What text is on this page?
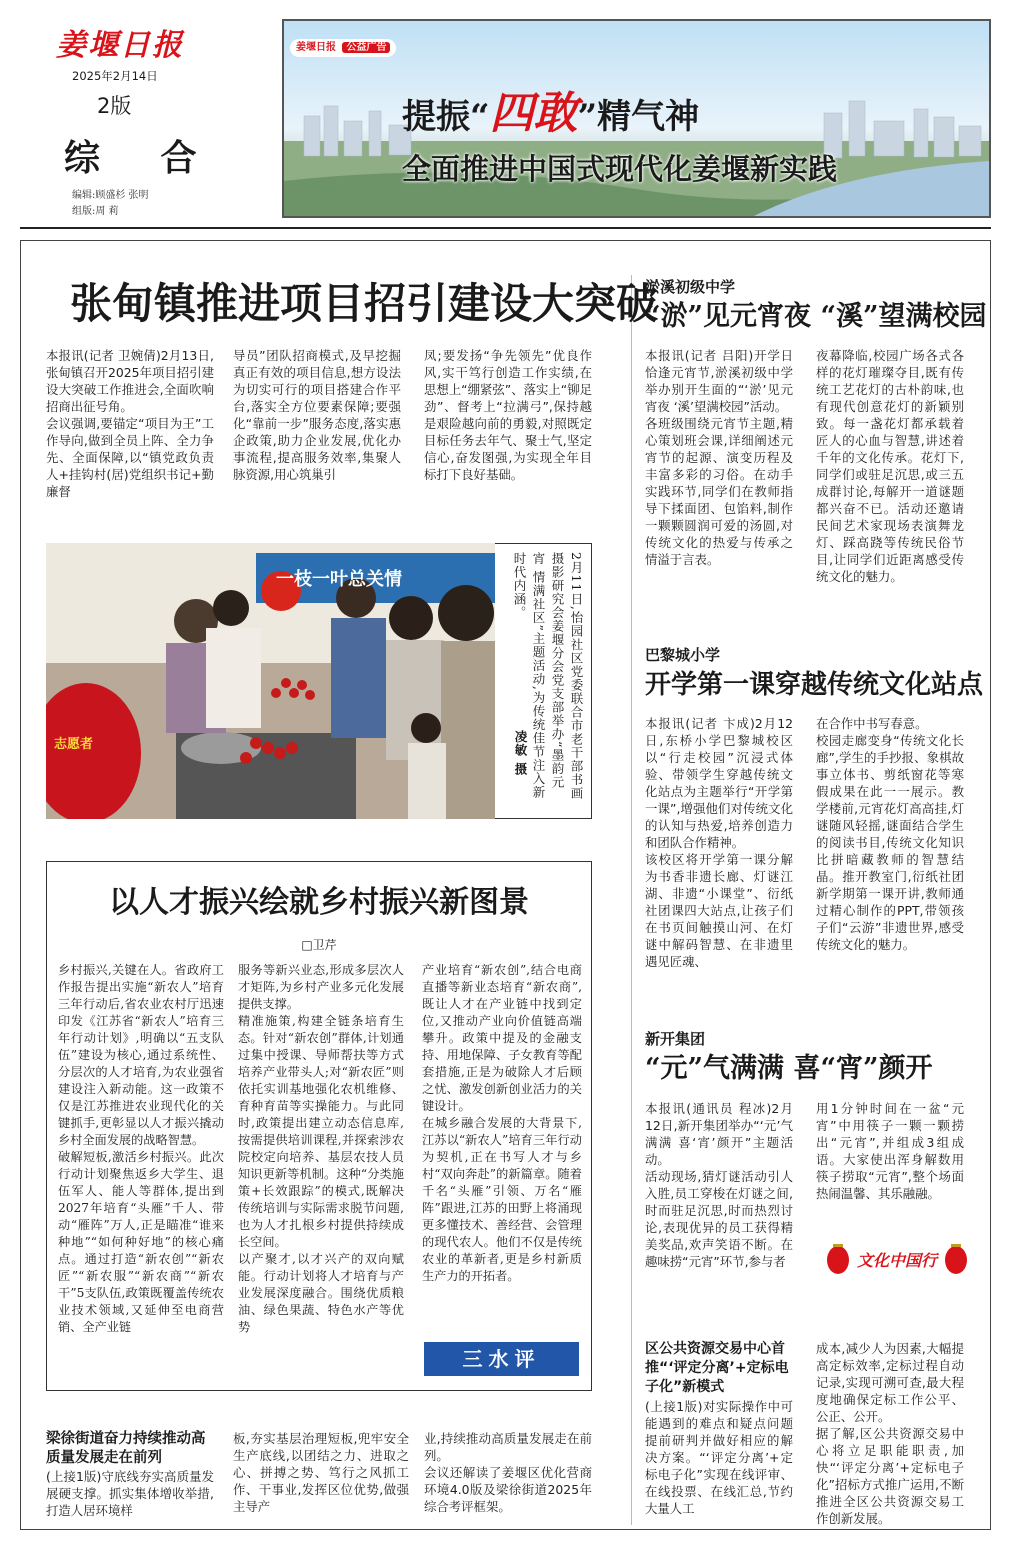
姜堰日报
2025年2月14日
2版
综 合
编辑:顾盛杉 张明
组版:周 莉
姜堰日报 公益广告
提振“四敢”精气神
全面推进中国式现代化姜堰新实践
张甸镇推进项目招引建设大突破
本报讯(记者 卫婉倩)2月13日,张甸镇召开2025年项目招引建设大突破工作推进会,全面吹响招商出征号角。
会议强调,要锚定“项目为王”工作导向,做到全员上阵、全力争先、全面保障,以“镇党政负责人+挂钩村(居)党组织书记+勤廉督
导员”团队招商模式,及早挖掘真正有效的项目信息,想方设法为切实可行的项目搭建合作平台,落实全方位要素保障;要强化“靠前一步”服务态度,落实惠企政策,助力企业发展,优化办事流程,提高服务效率,集聚人脉资源,用心筑巢引
凤;要发扬“争先领先”优良作风,实干笃行创造工作实绩,在思想上“绷紧弦”、落实上“铆足劲”、督考上“拉满弓”,保持越是艰险越向前的勇毅,对照既定目标任务去年气、聚士气,坚定信心,奋发图强,为实现全年目标打下良好基础。
一枝一叶总关情
志愿者	2月11日,怡园社区党委联合市老干部书画摄影研究会姜堰分会党支部举办“墨韵元宵 情满社区”主题活动,为传统佳节注入新时代内涵。
凌敏 摄
以人才振兴绘就乡村振兴新图景
□卫芹
乡村振兴,关键在人。省政府工作报告提出实施“新农人”培育三年行动后,省农业农村厅迅速印发《江苏省“新农人”培育三年行动计划》,明确以“五支队伍”建设为核心,通过系统性、分层次的人才培育,为农业强省建设注入新动能。这一政策不仅是江苏推进农业现代化的关键抓手,更彰显以人才振兴撬动乡村全面发展的战略智慧。
破解短板,激活乡村振兴。此次行动计划聚焦返乡大学生、退伍军人、能人等群体,提出到2027年培育“头雁”千人、带动“雁阵”万人,正是瞄准“谁来种地”“如何种好地”的核心痛点。通过打造“新农创”“新农匠”“新农服”“新农商”“新农干”5支队伍,政策既覆盖传统农业技术领域,又延伸至电商营销、全产业链
服务等新兴业态,形成多层次人才矩阵,为乡村产业多元化发展提供支撑。
精准施策,构建全链条培育生态。针对“新农创”群体,计划通过集中授课、导师帮扶等方式培养产业带头人;对“新农匠”则依托实训基地强化农机维修、育种育苗等实操能力。与此同时,政策提出建立动态信息库,按需提供培训课程,并探索涉农院校定向培养、基层农技人员知识更新等机制。这种“分类施策+长效跟踪”的模式,既解决传统培训与实际需求脱节问题,也为人才扎根乡村提供持续成长空间。
以产聚才,以才兴产的双向赋能。行动计划将人才培育与产业发展深度融合。围绕优质粮油、绿色果蔬、特色水产等优势
产业培育“新农创”,结合电商直播等新业态培育“新农商”,既让人才在产业链中找到定位,又推动产业向价值链高端攀升。政策中提及的金融支持、用地保障、子女教育等配套措施,正是为破除人才后顾之忧、激发创新创业活力的关键设计。
在城乡融合发展的大背景下,江苏以“新农人”培育三年行动为契机,正在书写人才与乡村“双向奔赴”的新篇章。随着千名“头雁”引领、万名“雁阵”跟进,江苏的田野上将涌现更多懂技术、善经营、会管理的现代农人。他们不仅是传统农业的革新者,更是乡村新质生产力的开拓者。
三水评
梁徐街道奋力持续推动高质量发展走在前列
(上接1版)守底线夯实高质量发展硬支撑。抓实集体增收举措,打造人居环境样
板,夯实基层治理短板,兜牢安全生产底线,以团结之力、进取之心、拼搏之势、笃行之风抓工作、干事业,发挥区位优势,做强主导产
业,持续推动高质量发展走在前列。
会议还解读了姜堰区优化营商环境4.0版及梁徐街道2025年综合考评框架。
淤溪初级中学
“淤”见元宵夜 “溪”望满校园
本报讯(记者 吕阳)开学日恰逢元宵节,淤溪初级中学举办别开生面的“‘淤’见元宵夜 ‘溪’望满校园”活动。
各班级围绕元宵节主题,精心策划班会课,详细阐述元宵节的起源、演变历程及丰富多彩的习俗。在动手实践环节,同学们在教师指导下揉面团、包馅料,制作一颗颗圆润可爱的汤圆,对传统文化的热爱与传承之情溢于言表。
夜幕降临,校园广场各式各样的花灯璀璨夺目,既有传统工艺花灯的古朴韵味,也有现代创意花灯的新颖别致。每一盏花灯都承载着匠人的心血与智慧,讲述着千年的文化传承。花灯下,同学们或驻足沉思,或三五成群讨论,每解开一道谜题都兴奋不已。活动还邀请民间艺术家现场表演舞龙灯、踩高跷等传统民俗节目,让同学们近距离感受传统文化的魅力。
巴黎城小学
开学第一课穿越传统文化站点
本报讯(记者 卞成)2月12日,东桥小学巴黎城校区以“行走校园”沉浸式体验、带领学生穿越传统文化站点为主题举行“开学第一课”,增强他们对传统文化的认知与热爱,培养创造力和团队合作精神。
该校区将开学第一课分解为书香非遗长廊、灯谜江湖、非遗“小课堂”、衍纸社团课四大站点,让孩子们在书页间触摸山河、在灯谜中解码智慧、在非遗里遇见匠魂、
在合作中书写春意。
校园走廊变身“传统文化长廊”,学生的手抄报、象棋故事立体书、剪纸窗花等寒假成果在此一一展示。教学楼前,元宵花灯高高挂,灯谜随风轻摇,谜面结合学生的阅读书目,传统文化知识比拼暗藏教师的智慧结晶。推开教室门,衍纸社团新学期第一课开讲,教师通过精心制作的PPT,带领孩子们“云游”非遗世界,感受传统文化的魅力。
新开集团
“元”气满满 喜“宵”颜开
本报讯(通讯员 程冰)2月12日,新开集团举办“‘元’气满满 喜‘宵’颜开”主题活动。
活动现场,猜灯谜活动引人入胜,员工穿梭在灯谜之间,时而驻足沉思,时而热烈讨论,表现优异的员工获得精美奖品,欢声笑语不断。在趣味捞“元宵”环节,参与者
用1分钟时间在一盆“元宵”中用筷子一颗一颗捞出“元宵”,并组成3组成语。大家使出浑身解数用筷子捞取“元宵”,整个场面热闹温馨、其乐融融。
文化中国行
区公共资源交易中心首推“‘评定分离’+定标电子化”新模式
(上接1版)对实际操作中可能遇到的难点和疑点问题提前研判并做好相应的解决方案。“‘评定分离’+定标电子化”实现在线评审、在线投票、在线汇总,节约大量人工
成本,减少人为因素,大幅提高定标效率,定标过程自动记录,实现可溯可查,最大程度地确保定标工作公平、公正、公开。
据了解,区公共资源交易中心将立足职能职责,加快“‘评定分离’+定标电子化”招标方式推广运用,不断推进全区公共资源交易工作创新发展。
